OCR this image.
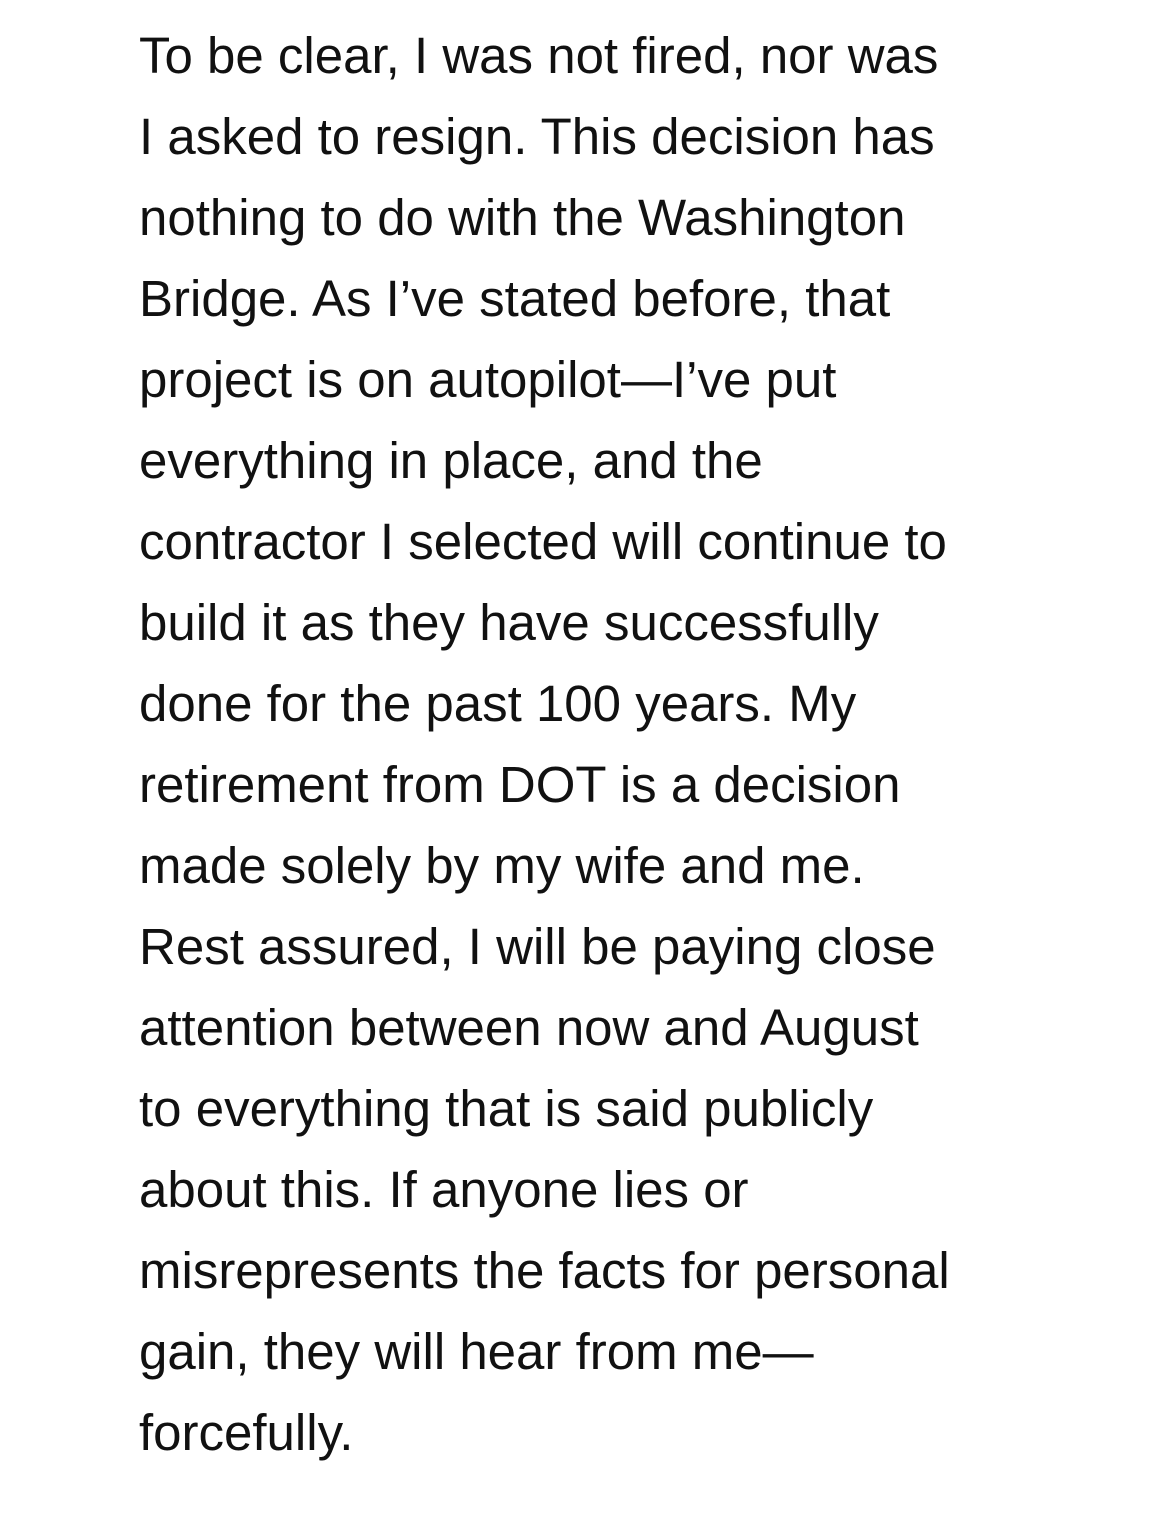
To be clear, I was not fired, nor was

I asked to resign. This decision has

nothing to do with the Washington

Bridge. As I’ve stated before, that

project is on autopilot—I’ve put

everything in place, and the

contractor I selected will continue to

build it as they have successfully

done for the past 100 years. My

retirement from DOT is a decision

made solely by my wife and me.

Rest assured, I will be paying close

attention between now and August

to everything that is said publicly

about this. If anyone lies or

misrepresents the facts for personal

gain, they will hear from me—

forcefully.
